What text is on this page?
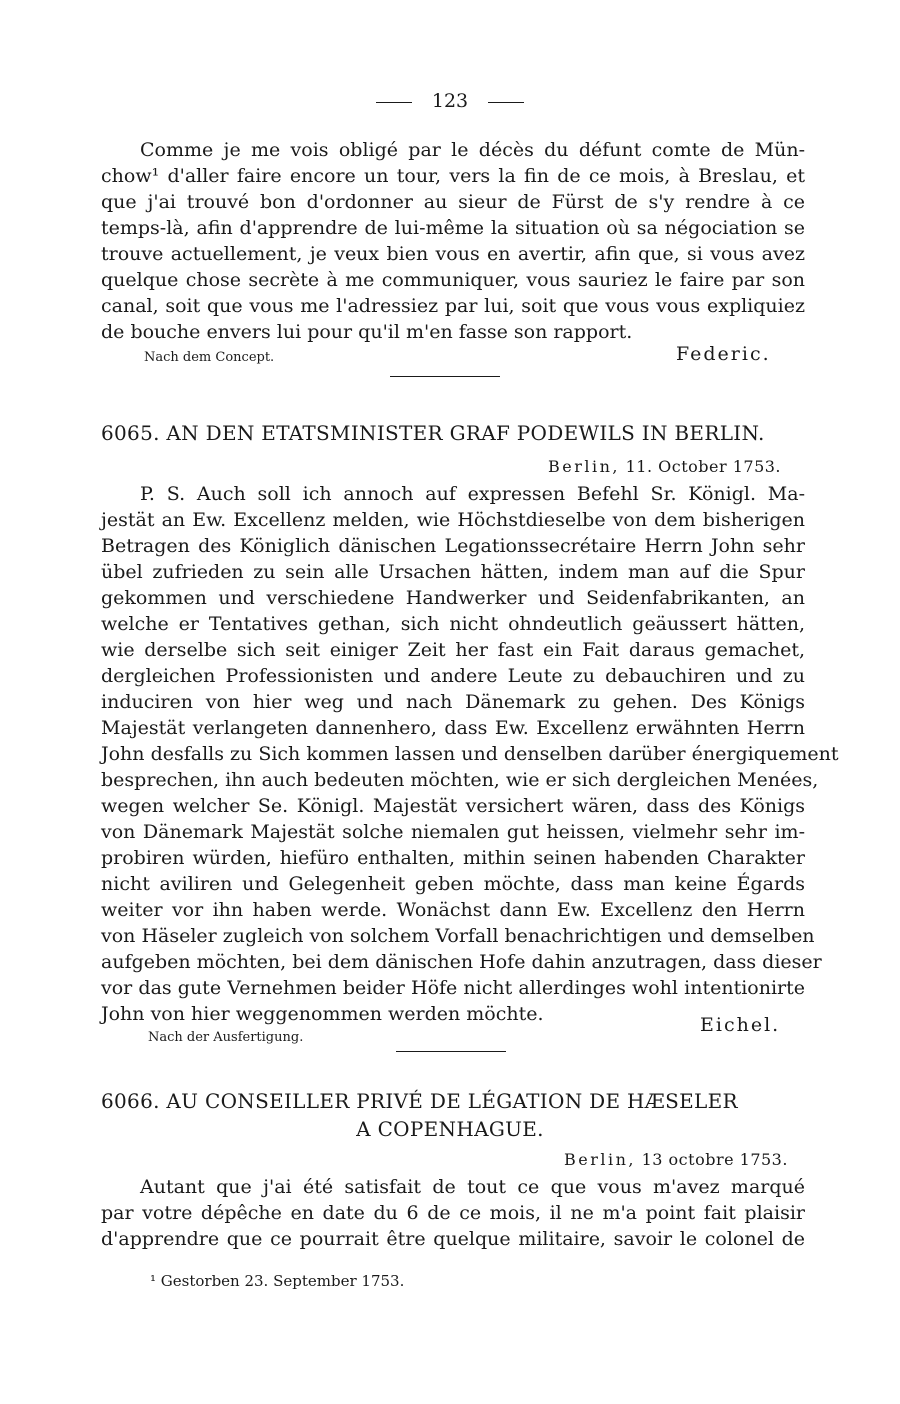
123
Comme je me vois obligé par le décès du défunt comte de Mün-
chow¹ d'aller faire encore un tour, vers la fin de ce mois, à Breslau, et
que j'ai trouvé bon d'ordonner au sieur de Fürst de s'y rendre à ce
temps-là, afin d'apprendre de lui-même la situation où sa négociation se
trouve actuellement, je veux bien vous en avertir, afin que, si vous avez
quelque chose secrète à me communiquer, vous sauriez le faire par son
canal, soit que vous me l'adressiez par lui, soit que vous vous expliquiez
de bouche envers lui pour qu'il m'en fasse son rapport.
Nach dem Concept.	Federic.
6065. AN DEN ETATSMINISTER GRAF PODEWILS IN BERLIN.
Berlin, 11. October 1753.
P. S. Auch soll ich annoch auf expressen Befehl Sr. Königl. Ma-
jestät an Ew. Excellenz melden, wie Höchstdieselbe von dem bisherigen
Betragen des Königlich dänischen Legationssecrétaire Herrn John sehr
übel zufrieden zu sein alle Ursachen hätten, indem man auf die Spur
gekommen und verschiedene Handwerker und Seidenfabrikanten, an
welche er Tentatives gethan, sich nicht ohndeutlich geäussert hätten,
wie derselbe sich seit einiger Zeit her fast ein Fait daraus gemachet,
dergleichen Professionisten und andere Leute zu debauchiren und zu
induciren von hier weg und nach Dänemark zu gehen. Des Königs
Majestät verlangeten dannenhero, dass Ew. Excellenz erwähnten Herrn
John desfalls zu Sich kommen lassen und denselben darüber énergiquement
besprechen, ihn auch bedeuten möchten, wie er sich dergleichen Menées,
wegen welcher Se. Königl. Majestät versichert wären, dass des Königs
von Dänemark Majestät solche niemalen gut heissen, vielmehr sehr im-
probiren würden, hiefüro enthalten, mithin seinen habenden Charakter
nicht aviliren und Gelegenheit geben möchte, dass man keine Égards
weiter vor ihn haben werde. Wonächst dann Ew. Excellenz den Herrn
von Häseler zugleich von solchem Vorfall benachrichtigen und demselben
aufgeben möchten, bei dem dänischen Hofe dahin anzutragen, dass dieser
vor das gute Vernehmen beider Höfe nicht allerdinges wohl intentionirte
John von hier weggenommen werden möchte.	Eichel.
Nach der Ausfertigung.
6066. AU CONSEILLER PRIVÉ DE LÉGATION DE HÆSELER
A COPENHAGUE.
Berlin, 13 octobre 1753.
Autant que j'ai été satisfait de tout ce que vous m'avez marqué
par votre dépêche en date du 6 de ce mois, il ne m'a point fait plaisir
d'apprendre que ce pourrait être quelque militaire, savoir le colonel de
¹ Gestorben 23. September 1753.
